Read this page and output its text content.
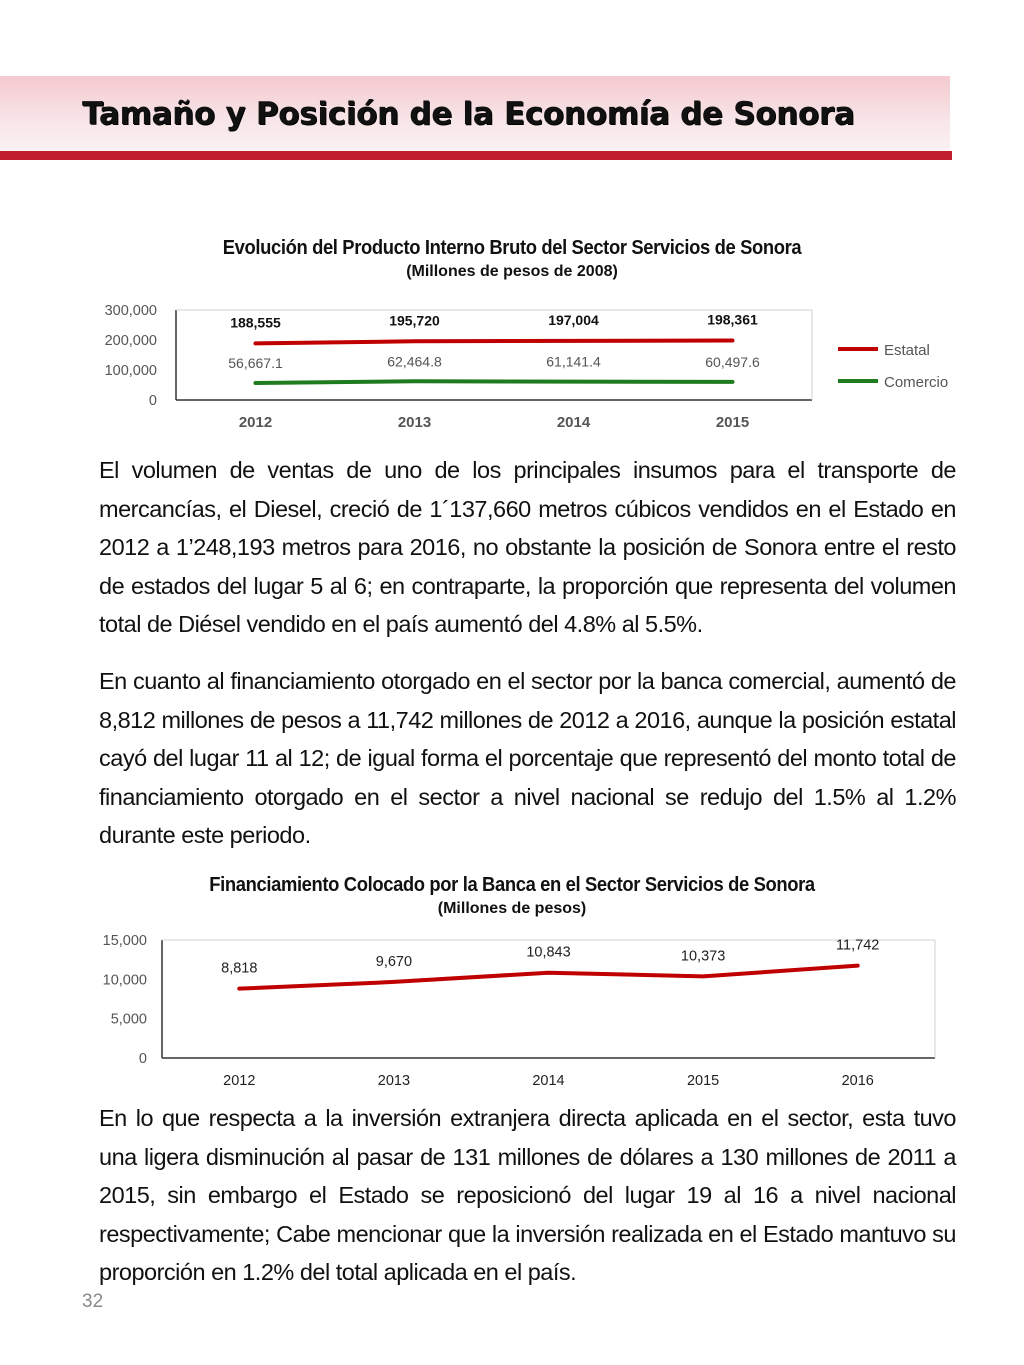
Tamaño y Posición de la Economía de Sonora
Evolución del Producto Interno Bruto del Sector Servicios de Sonora
(Millones de pesos de 2008)
0
100,000
200,000
300,000
2012	2013	2014	2015
188,555	195,720	197,004	198,361
56,667.1	62,464.8	61,141.4	60,497.6
Estatal
Comercio

El volumen de ventas de uno de los principales insumos para el transporte de mercancías, el Diesel, creció de 1´137,660 metros cúbicos vendidos en el Estado en 2012 a 1’248,193 metros para 2016, no obstante la posición de Sonora entre el resto de estados del lugar 5 al 6; en contraparte, la proporción que representa del volumen total de Diésel vendido en el país aumentó del 4.8% al 5.5%.

En cuanto al financiamiento otorgado en el sector por la banca comercial, aumentó de 8,812 millones de pesos a 11,742 millones de 2012 a 2016, aunque la posición estatal cayó del lugar 11 al 12; de igual forma el porcentaje que representó del monto total de financiamiento otorgado en el sector a nivel nacional se redujo del 1.5% al 1.2% durante este periodo.

Financiamiento Colocado por la Banca en el Sector Servicios de Sonora
(Millones de pesos)
0
5,000
10,000
15,000
2012	2013	2014	2015	2016
8,818	9,670
10,843	10,373
11,742

En lo que respecta a la inversión extranjera directa aplicada en el sector, esta tuvo una ligera disminución al pasar de 131 millones de dólares a 130 millones de 2011 a 2015, sin embargo el Estado se reposicionó del lugar 19 al 16 a nivel nacional respectivamente; Cabe mencionar que la inversión realizada en el Estado mantuvo su proporción en 1.2% del total aplicada en el país.

32
